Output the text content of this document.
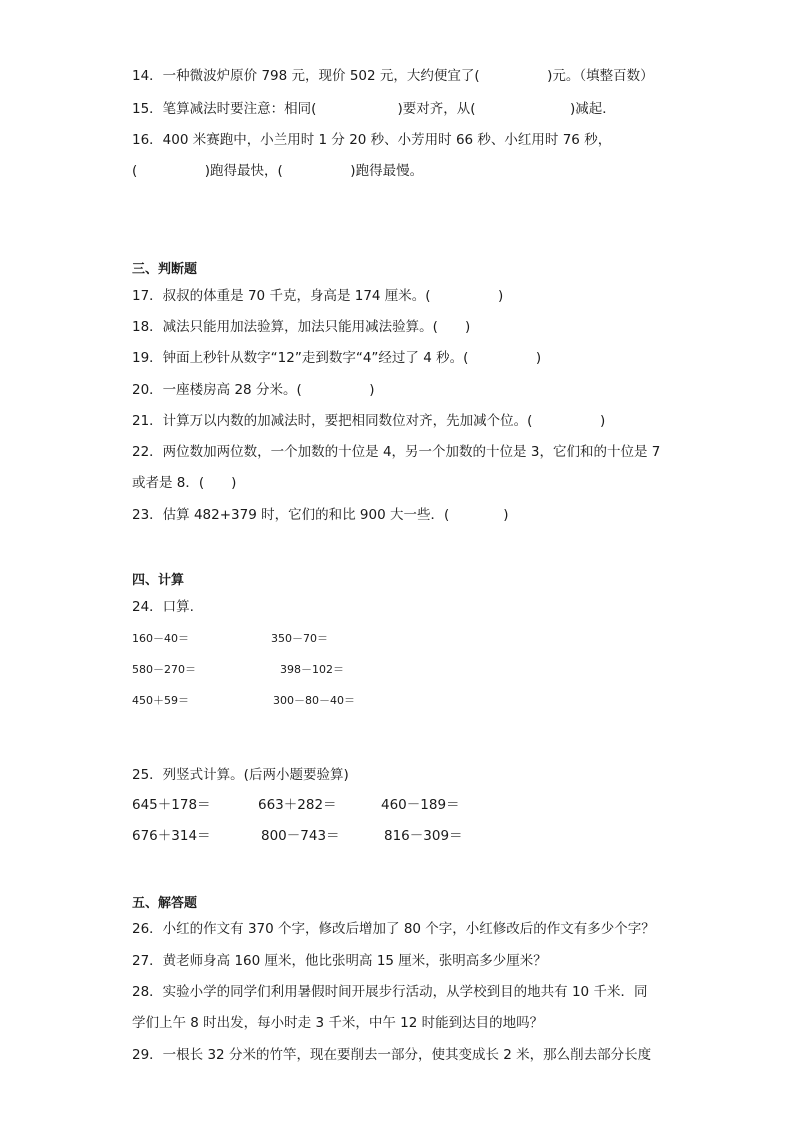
14．一种微波炉原价 798 元，现价 502 元，大约便宜了(　　　　　)元。（填整百数）
15．笔算减法时要注意：相同(　　　　　　)要对齐，从(　　　　　　　)减起．
16．400 米赛跑中，小兰用时 1 分 20 秒、小芳用时 66 秒、小红用时 76 秒，
(　　　　　)跑得最快，(　　　　　)跑得最慢。
三、判断题
17．叔叔的体重是 70 千克，身高是 174 厘米。(　　　　　)
18．减法只能用加法验算，加法只能用减法验算。(　　)
19．钟面上秒针从数字“12”走到数字“4”经过了 4 秒。(　　　　　)
20．一座楼房高 28 分米。(　　　　　)
21．计算万以内数的加减法时，要把相同数位对齐，先加减个位。(　　　　　)
22．两位数加两位数，一个加数的十位是 4，另一个加数的十位是 3，它们和的十位是 7
或者是 8．(　　)
23．估算 482+379 时，它们的和比 900 大一些．(　　　　)
四、计算
24．口算.
160－40＝	350－70＝
580－270＝	398－102＝
450＋59＝	300－80－40＝
25．列竖式计算。(后两小题要验算)
645＋178＝	663＋282＝	460－189＝
676＋314＝	800－743＝	816－309＝
五、解答题
26．小红的作文有 370 个字，修改后增加了 80 个字，小红修改后的作文有多少个字？
27．黄老师身高 160 厘米，他比张明高 15 厘米，张明高多少厘米？
28．实验小学的同学们利用暑假时间开展步行活动，从学校到目的地共有 10 千米．同
学们上午 8 时出发，每小时走 3 千米，中午 12 时能到达目的地吗？
29．一根长 32 分米的竹竿，现在要削去一部分，使其变成长 2 米，那么削去部分长度
